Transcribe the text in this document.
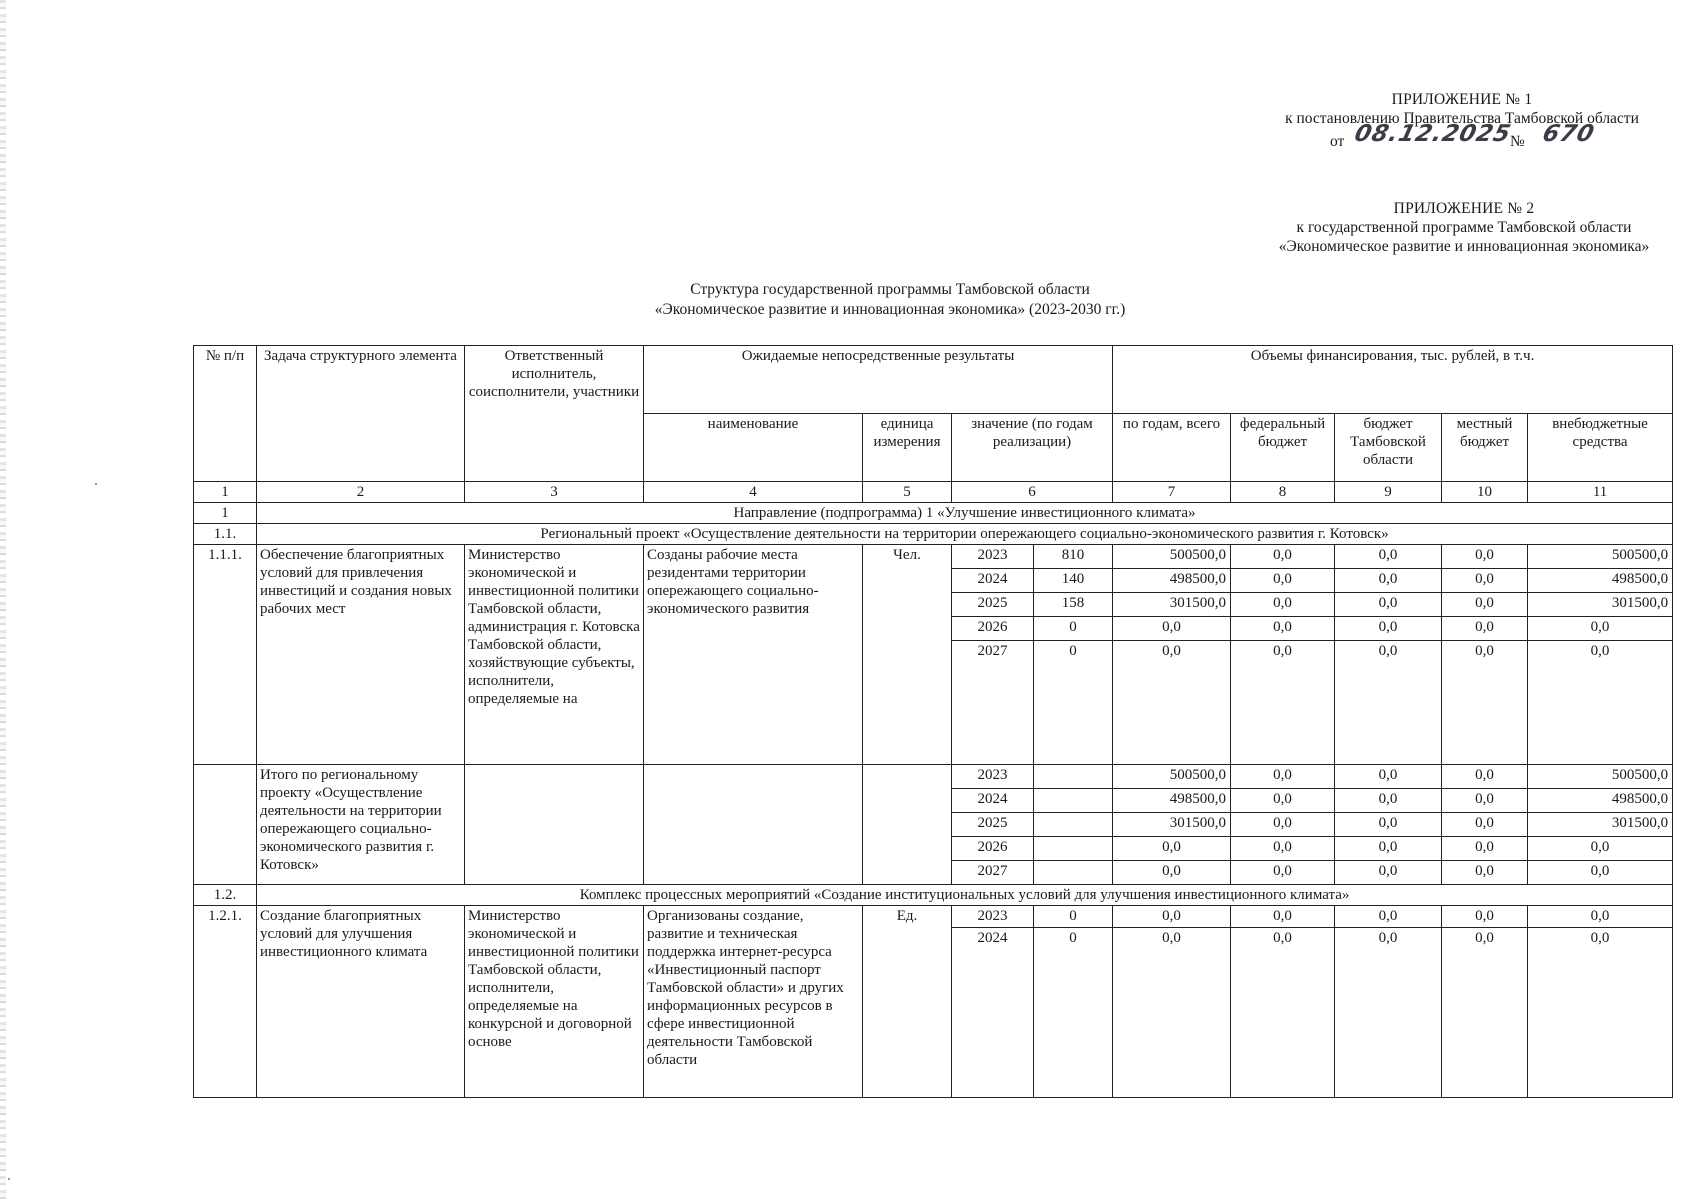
ПРИЛОЖЕНИЕ № 1
к постановлению Правительства Тамбовской области
от 08.12.2025
№ 670
ПРИЛОЖЕНИЕ № 2
к государственной программе Тамбовской области
«Экономическое развитие и инновационная экономика»
Структура государственной программы Тамбовской области
«Экономическое развитие и инновационная экономика» (2023-2030 гг.)
№ п/п	Задача структурного элемента	Ответственный исполнитель, соисполнители, участники	Ожидаемые непосредственные результаты				Объемы финансирования, тыс. рублей, в т.ч.				
			наименование	единица измерения	значение (по годам реализации)		по годам, всего	федеральный бюджет	бюджет Тамбовской области	местный бюджет	внебюджетные средства
1	2	3	4	5	6		7	8	9	10	11
1	Направление (подпрограмма) 1 «Улучшение инвестиционного климата»										
1.1.	Региональный проект «Осуществление деятельности на территории опережающего социально-экономического развития г. Котовск»										
1.1.1.	Обеспечение благоприятных условий для привлечения инвестиций и создания новых рабочих мест	Министерство экономической и инвестиционной политики Тамбовской области, администрация г. Котовска Тамбовской области, хозяйствующие субъекты, исполнители, определяемые на	Созданы рабочие места резидентами территории опережающего социально-экономического развития	Чел.	2023	810	500500,0	0,0	0,0	0,0	500500,0
					2024	140	498500,0	0,0	0,0	0,0	498500,0
					2025	158	301500,0	0,0	0,0	0,0	301500,0
					2026	0	0,0	0,0	0,0	0,0	0,0
					2027	0	0,0	0,0	0,0	0,0	0,0
	Итого по региональному проекту «Осуществление деятельности на территории опережающего социально-экономического развития г. Котовск»				2023		500500,0	0,0	0,0	0,0	500500,0
					2024		498500,0	0,0	0,0	0,0	498500,0
					2025		301500,0	0,0	0,0	0,0	301500,0
					2026		0,0	0,0	0,0	0,0	0,0
					2027		0,0	0,0	0,0	0,0	0,0
1.2.	Комплекс процессных мероприятий «Создание институциональных условий для улучшения инвестиционного климата»										
1.2.1.	Создание благоприятных условий для улучшения инвестиционного климата	Министерство экономической и инвестиционной политики Тамбовской области, исполнители, определяемые на конкурсной и договорной основе	Организованы создание, развитие и техническая поддержка интернет-ресурса «Инвестиционный паспорт Тамбовской области» и других информационных ресурсов в сфере инвестиционной деятельности Тамбовской области	Ед.	2023	0	0,0	0,0	0,0	0,0	0,0
					2024	0	0,0	0,0	0,0	0,0	0,0
